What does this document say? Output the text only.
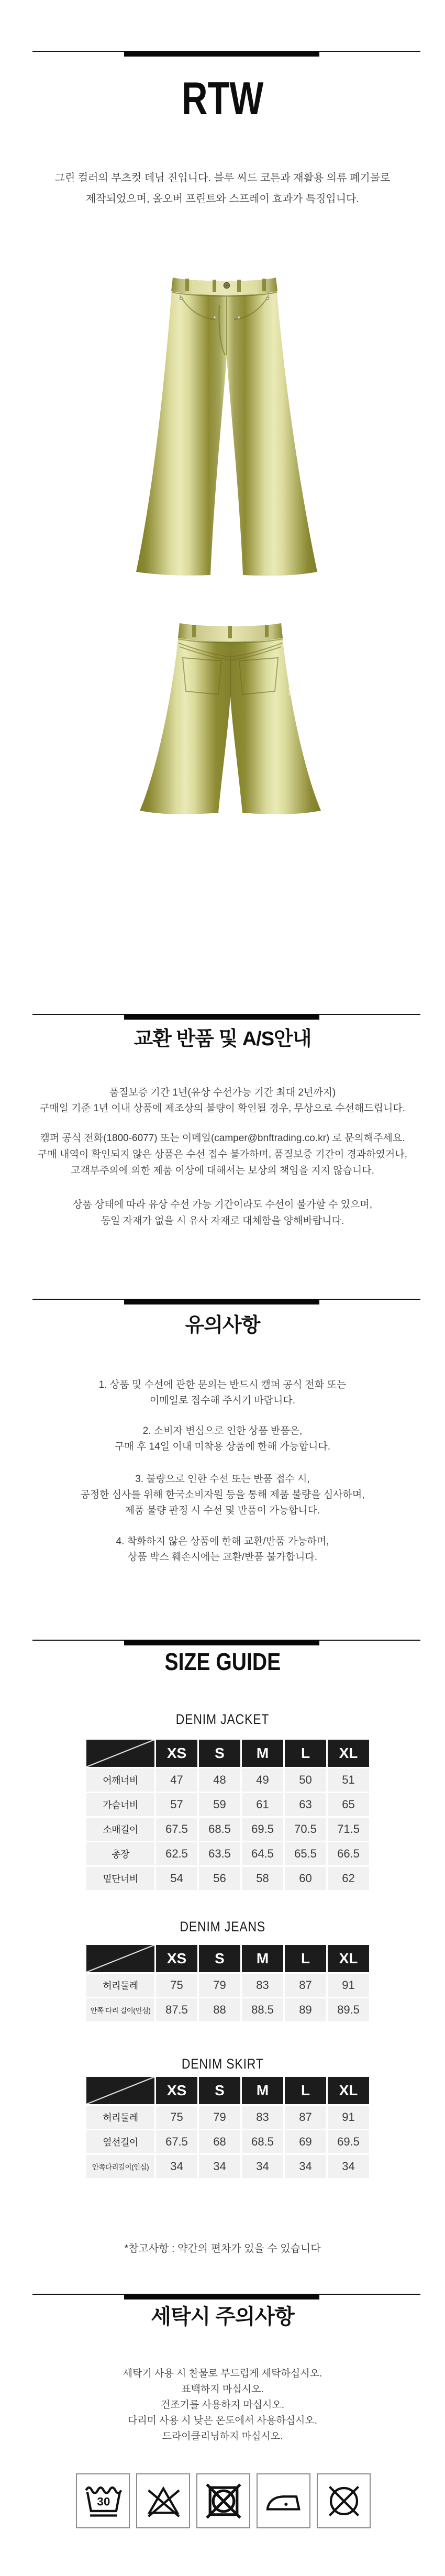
RTW
그린 컬러의 부츠컷 데님 진입니다. 블루 씨드 코튼과 재활용 의류 폐기물로
제작되었으며, 올오버 프린트와 스프레이 효과가 특징입니다.
CUU
HER
LAJE
교환 반품 및 A/S안내
품질보증 기간 1년(유상 수선가능 기간 최대 2년까지)
구매일 기준 1년 이내 상품에 제조상의 불량이 확인될 경우, 무상으로 수선해드립니다.
캠퍼 공식 전화(1800-6077) 또는 이메일(camper@bnftrading.co.kr) 로 문의해주세요.
구매 내역이 확인되지 않은 상품은 수선 접수 불가하며, 품질보증 기간이 경과하였거나,
고객부주의에 의한 제품 이상에 대해서는 보상의 책임을 지지 않습니다.
상품 상태에 따라 유상 수선 가능 기간이라도 수선이 불가할 수 있으며,
동일 자재가 없을 시 유사 자재로 대체함을 양해바랍니다.
유의사항
1. 상품 및 수선에 관한 문의는 반드시 캠퍼 공식 전화 또는
이메일로 접수해 주시기 바랍니다.
2. 소비자 변심으로 인한 상품 반품은,
구매 후 14일 이내 미착용 상품에 한해 가능합니다.
3. 불량으로 인한 수선 또는 반품 접수 시,
공정한 심사를 위해 한국소비자원 등을 통해 제품 불량을 심사하며,
제품 불량 판정 시 수선 및 반품이 가능합니다.
4. 착화하지 않은 상품에 한해 교환/반품 가능하며,
상품 박스 훼손시에는 교환/반품 불가합니다.
SIZE GUIDE
DENIM JACKET
XS	S	M	L	XL
어깨너비	47	48	49	50	51
가슴너비	57	59	61	63	65
소매길이	67.5	68.5	69.5	70.5	71.5
총장	62.5	63.5	64.5	65.5	66.5
밑단너비	54	56	58	60	62
DENIM JEANS
XS	S	M	L	XL
허리둘레	75	79	83	87	91
안쪽 다리 길이(인심)	87.5	88	88.5	89	89.5
DENIM SKIRT
XS	S	M	L	XL
허리둘레	75	79	83	87	91
옆선길이	67.5	68	68.5	69	69.5
안쪽다리길이(인심)	34	34	34	34	34
*참고사항 : 약간의 편차가 있을 수 있습니다
세탁시 주의사항
세탁기 사용 시 찬물로 부드럽게 세탁하십시오.
표백하지 마십시오.
건조기를 사용하지 마십시오.
다리미 사용 시 낮은 온도에서 사용하십시오.
드라이클리닝하지 마십시오.
30
